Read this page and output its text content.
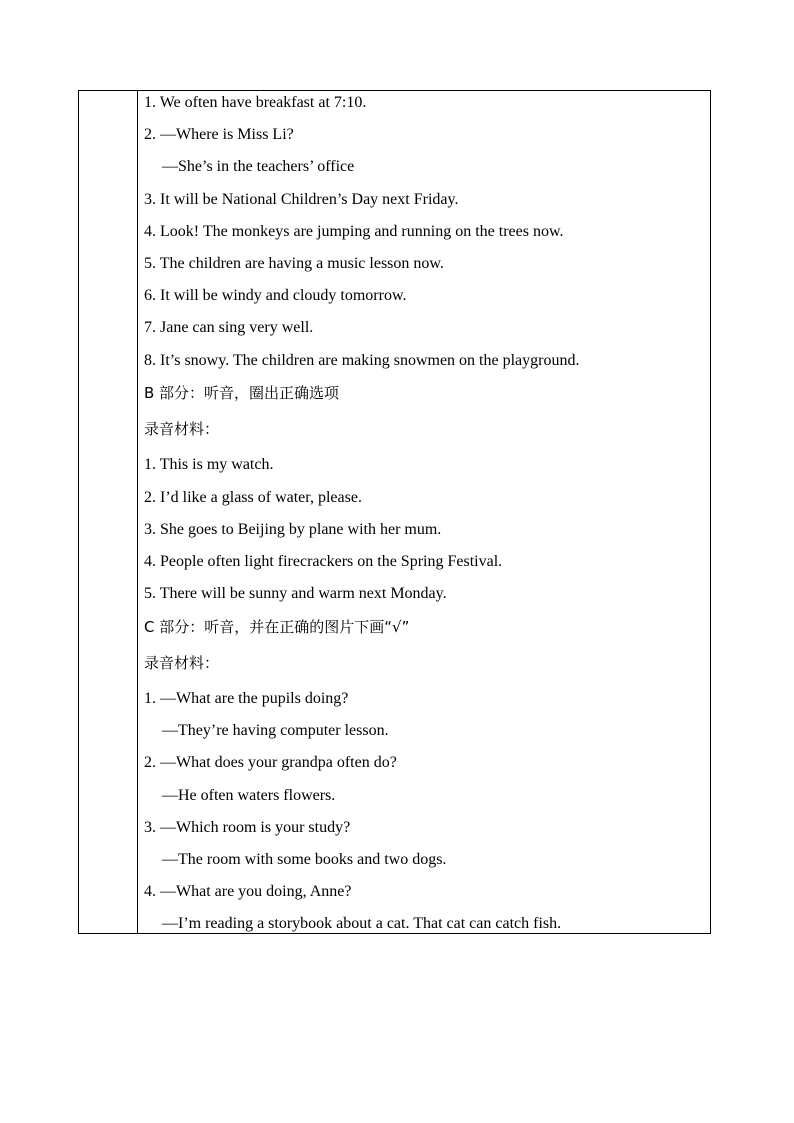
1. We often have breakfast at 7:10.
2. —Where is Miss Li?
—She’s in the teachers’ office
3. It will be National Children’s Day next Friday.
4. Look! The monkeys are jumping and running on the trees now.
5. The children are having a music lesson now.
6. It will be windy and cloudy tomorrow.
7. Jane can sing very well.
8. It’s snowy. The children are making snowmen on the playground.
B 部分：听音，圈出正确选项
录音材料：
1. This is my watch.
2. I’d like a glass of water, please.
3. She goes to Beijing by plane with her mum.
4. People often light firecrackers on the Spring Festival.
5. There will be sunny and warm next Monday.
C 部分：听音，并在正确的图片下画“√”
录音材料：
1. —What are the pupils doing?
—They’re having computer lesson.
2. —What does your grandpa often do?
—He often waters flowers.
3. —Which room is your study?
—The room with some books and two dogs.
4. —What are you doing, Anne?
—I’m reading a storybook about a cat. That cat can catch fish.
